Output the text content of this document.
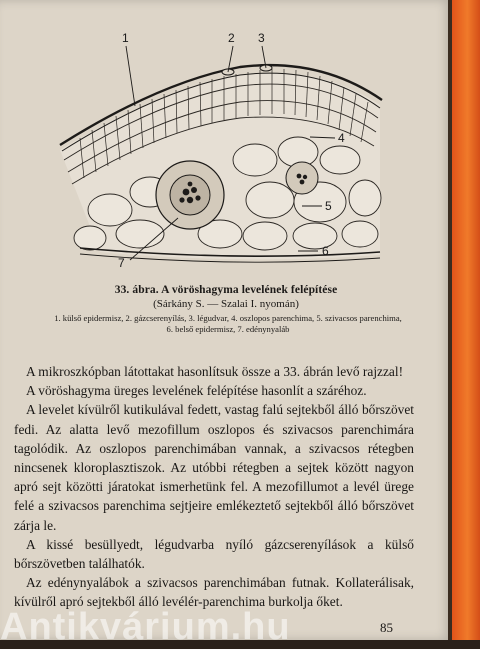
1	2 3
4
5
6
7
33. ábra. A vöröshagyma levelének felépítése
(Sárkány S. — Szalai I. nyomán)
1. külső epidermisz, 2. gázcserenyílás, 3. légudvar, 4. oszlopos parenchima, 5. szivacsos parenchima,
6. belső epidermisz, 7. edénynyaláb

A mikroszkópban látottakat hasonlítsuk össze a 33. ábrán levő rajzzal!

A vöröshagyma üreges levelének felépítése hasonlít a száréhoz.

A levelet kívülről kutikulával fedett, vastag falú sejtekből álló bőrszövet fedi. Az alatta levő mezofillum oszlopos és szivacsos parenchimára tagolódik. Az oszlopos parenchimában vannak, a szivacsos rétegben nincsenek kloroplasztiszok. Az utóbbi rétegben a sejtek között nagyon apró sejt közötti járatokat ismerhetünk fel. A mezofillumot a levél ürege felé a szivacsos parenchima sejtjeire emlékeztető sejtekből álló bőrszövet zárja le.

A kissé besüllyedt, légudvarba nyíló gázcserenyílások a külső bőrszövetben találhatók.

Az edénynyalábok a szivacsos parenchimában futnak. Kollaterálisak, kívülről apró sejtekből álló levélér-parenchima burkolja őket.

Antikvárium.hu	85
